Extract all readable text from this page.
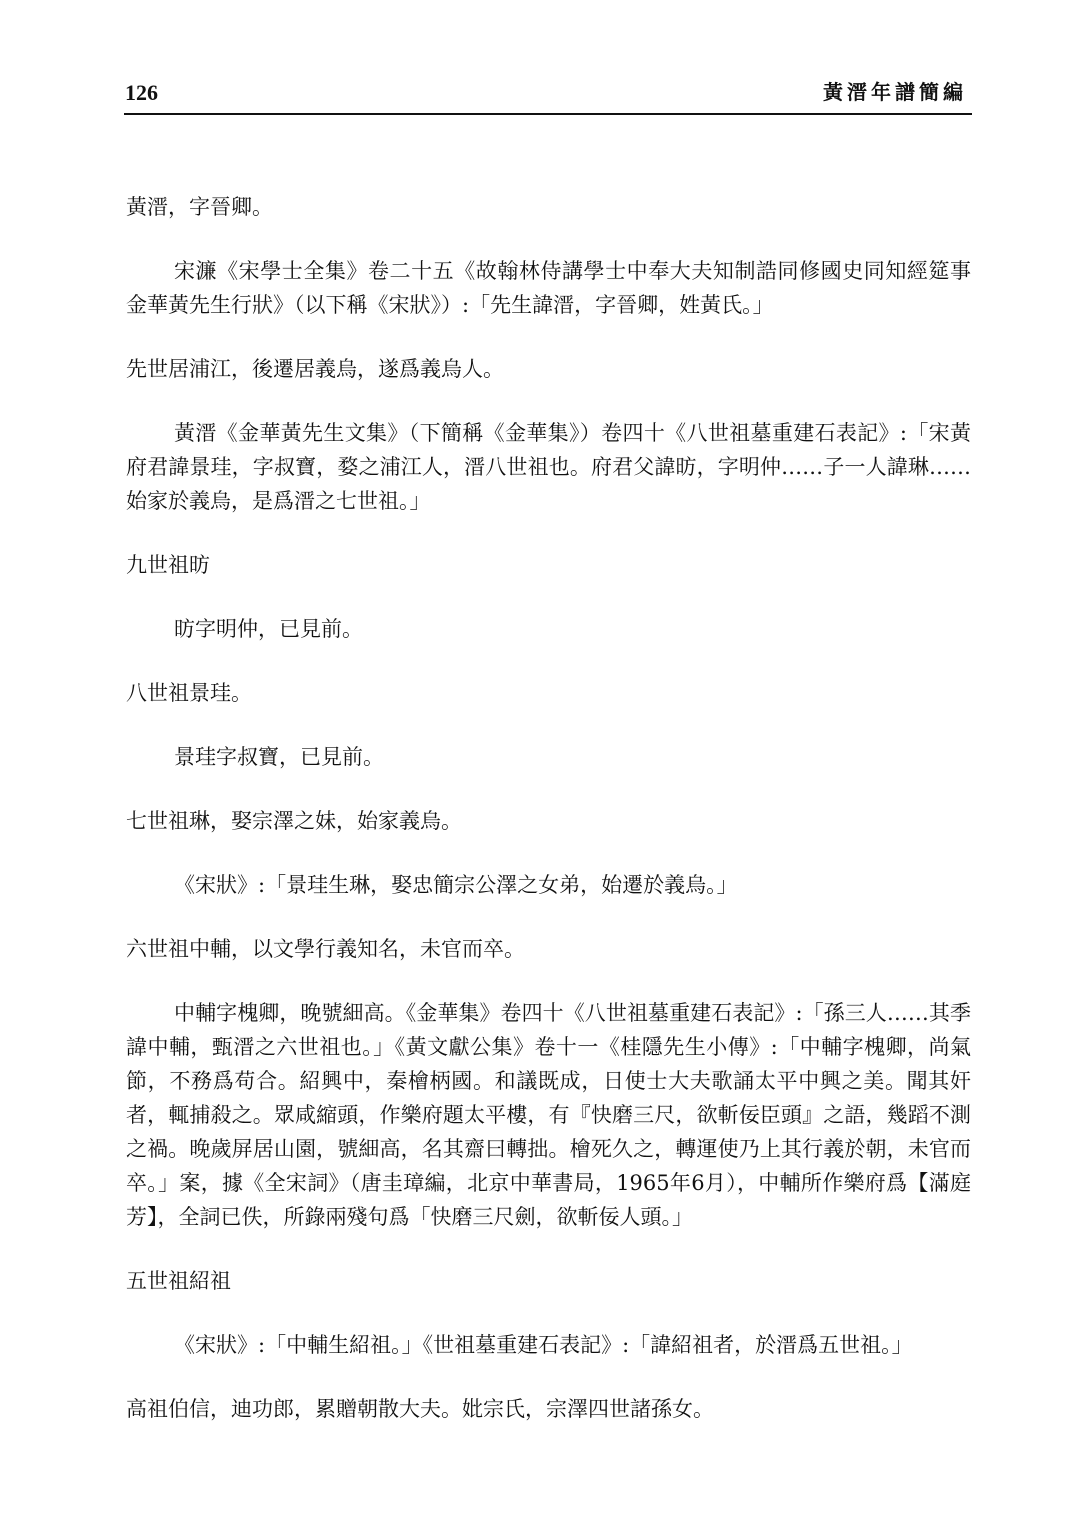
126	黃溍年譜簡編
黃溍，字晉卿。
宋濂《宋學士全集》卷二十五《故翰林侍講學士中奉大夫知制誥同修國史同知經筵事金華黃先生行狀》（以下稱《宋狀》）:「先生諱溍，字晉卿，姓黃氏。」
先世居浦江，後遷居義烏，遂爲義烏人。
黃溍《金華黃先生文集》（下簡稱《金華集》）卷四十《八世祖墓重建石表記》:「宋黃府君諱景珪，字叔寶，婺之浦江人，溍八世祖也。府君父諱昉，字明仲……子一人諱琳……始家於義烏，是爲溍之七世祖。」
九世祖昉
昉字明仲，已見前。
八世祖景珪。
景珪字叔寶，已見前。
七世祖琳，娶宗澤之妹，始家義烏。
《宋狀》:「景珪生琳，娶忠簡宗公澤之女弟，始遷於義烏。」
六世祖中輔，以文學行義知名，未官而卒。
中輔字槐卿，晚號細高。《金華集》卷四十《八世祖墓重建石表記》:「孫三人……其季諱中輔，甄溍之六世祖也。」《黃文獻公集》卷十一《桂隱先生小傳》:「中輔字槐卿，尚氣節，不務爲苟合。紹興中，秦檜柄國。和議既成，日使士大夫歌誦太平中興之美。聞其奸者，輒捕殺之。眾咸縮頭，作樂府題太平樓，有『快磨三尺，欲斬佞臣頭』之語，幾蹈不測之禍。晚歲屏居山園，號細高，名其齋曰轉拙。檜死久之，轉運使乃上其行義於朝，未官而卒。」案，據《全宋詞》（唐圭璋編，北京中華書局，1965年6月），中輔所作樂府爲【滿庭芳】，全詞已佚，所錄兩殘句爲「快磨三尺劍，欲斬佞人頭。」
五世祖紹祖
《宋狀》:「中輔生紹祖。」《世祖墓重建石表記》:「諱紹祖者，於溍爲五世祖。」
高祖伯信，迪功郎，累贈朝散大夫。妣宗氏，宗澤四世諸孫女。
